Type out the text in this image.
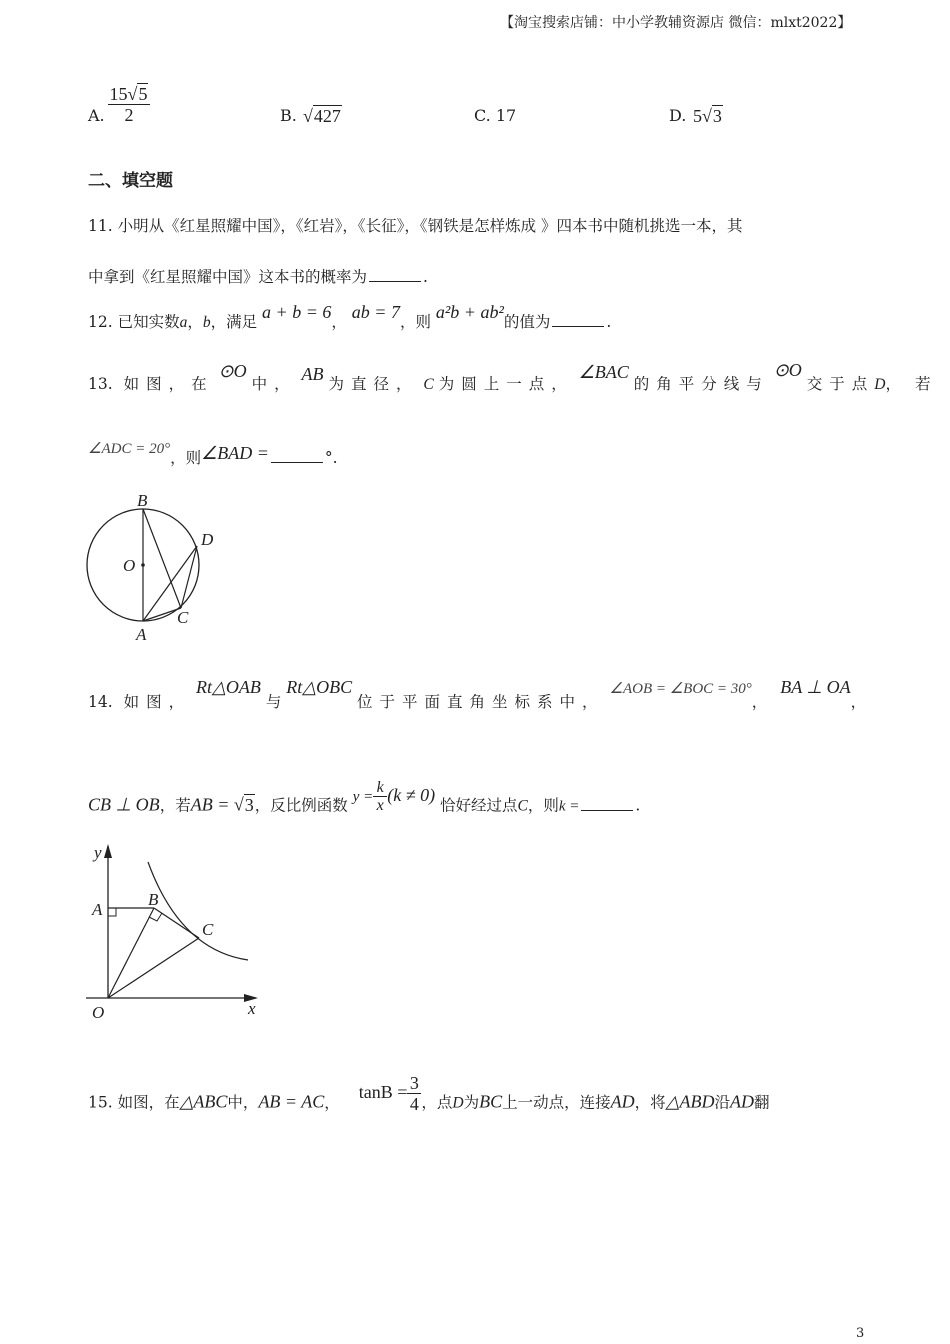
【淘宝搜索店铺：中小学教辅资源店 微信：mlxt2022】
A. $\frac{15√5}{2}$	B. √427	C. 17	D. 5√3
二、填空题
11. 小明从《红星照耀中国》，《红岩》，《长征》，《钢铁是怎样炼成 》四本书中随机挑选一本，其
中拿到《红星照耀中国》这本书的概率为	.
12. 已知实数a，b，满足 a + b = 6， ab = 7，则 a²b + ab²的值为	.
13. 如图，在 ⊙O 中， AB 为直径， C 为圆上一点， ∠BAC 的角平分线与 ⊙O 交于点D，若
∠ADC = 20°，则∠BAD =	°.
B
D
O
C
A
14. 如图， Rt△OAB 与 Rt△OBC 位于平面直角坐标系中， ∠AOB = ∠BOC = 30°， BA ⊥ OA，
CB ⊥ OB，若AB = √3，反比例函数 $y = \frac{k}{x} (k \ne 0)$ 恰好经过点C，则k =	.
y
A
B
C
O	x
15. 如图，在△ABC中，AB = AC， $\tan B = \frac{3}{4}$ ，点D为BC上一动点，连接AD，将△ABD沿AD翻
3
